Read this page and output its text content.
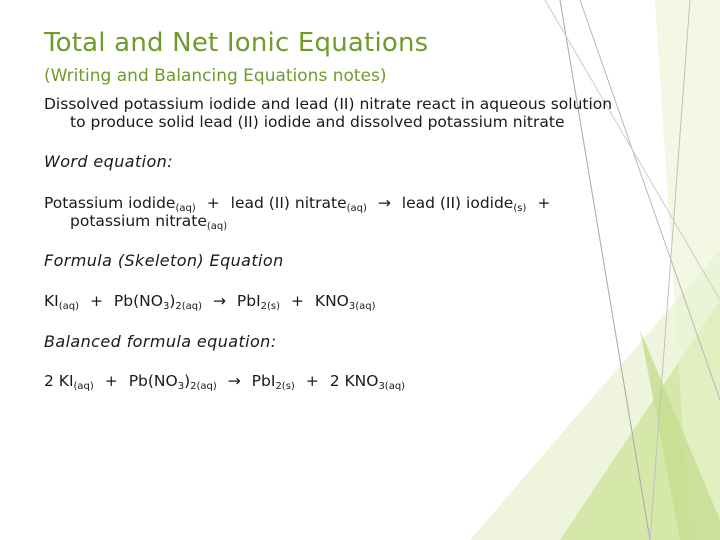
Total and Net Ionic Equations
(Writing and Balancing Equations notes)
Dissolved potassium iodide and lead (II) nitrate react in aqueous solution
to produce solid lead (II) iodide and dissolved potassium nitrate
Word equation:
Potassium iodide$_{(aq)}$ + lead (II) nitrate$_{(aq)}$ → lead (II) iodide$_{(s)}$ +
potassium nitrate$_{(aq)}$
Formula (Skeleton) Equation
$KI_{(aq)} + Pb(NO_3)_{2(aq)} \to PbI_{2(s)} + KNO_{3(aq)}$
Balanced formula equation:
2 $KI_{(aq)} + Pb(NO_3)_{2(aq)} \to PbI_{2(s)} + 2$ $KNO_{3(aq)}$
